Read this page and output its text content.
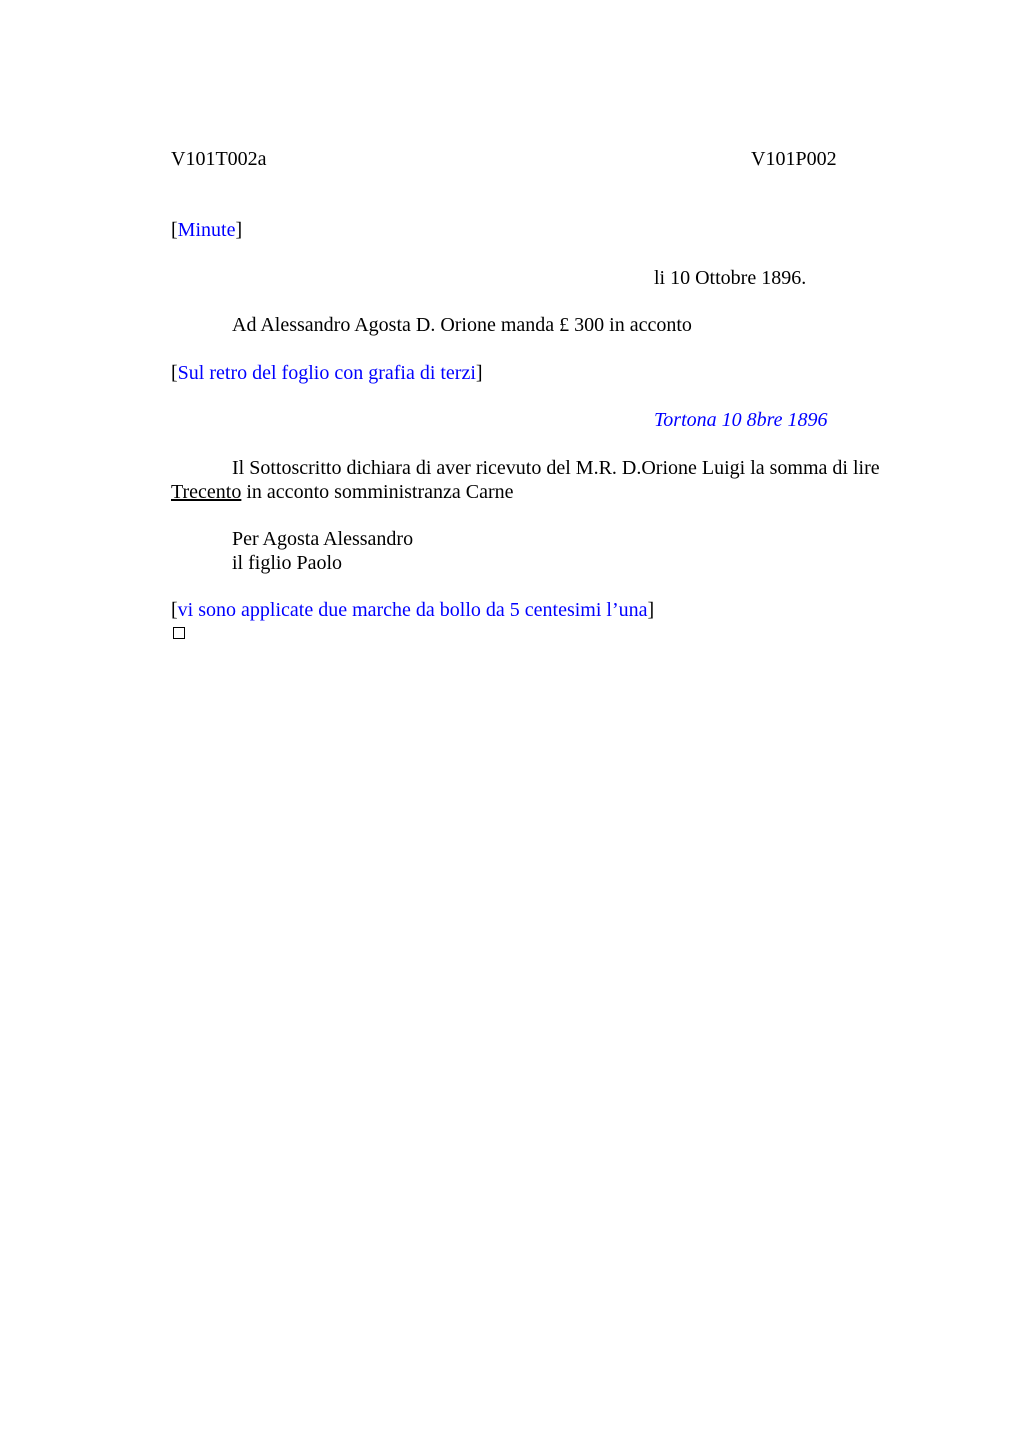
V101T002a	V101P002
[Minute]
li 10 Ottobre 1896.
Ad Alessandro Agosta D. Orione manda £ 300 in acconto
[Sul retro del foglio con grafia di terzi]
Tortona 10 8bre 1896
Il Sottoscritto dichiara di aver ricevuto del M.R. D.Orione Luigi la somma di lire
Trecento in acconto somministranza Carne
Per Agosta Alessandro
il figlio Paolo
[vi sono applicate due marche da bollo da 5 centesimi l’una]
